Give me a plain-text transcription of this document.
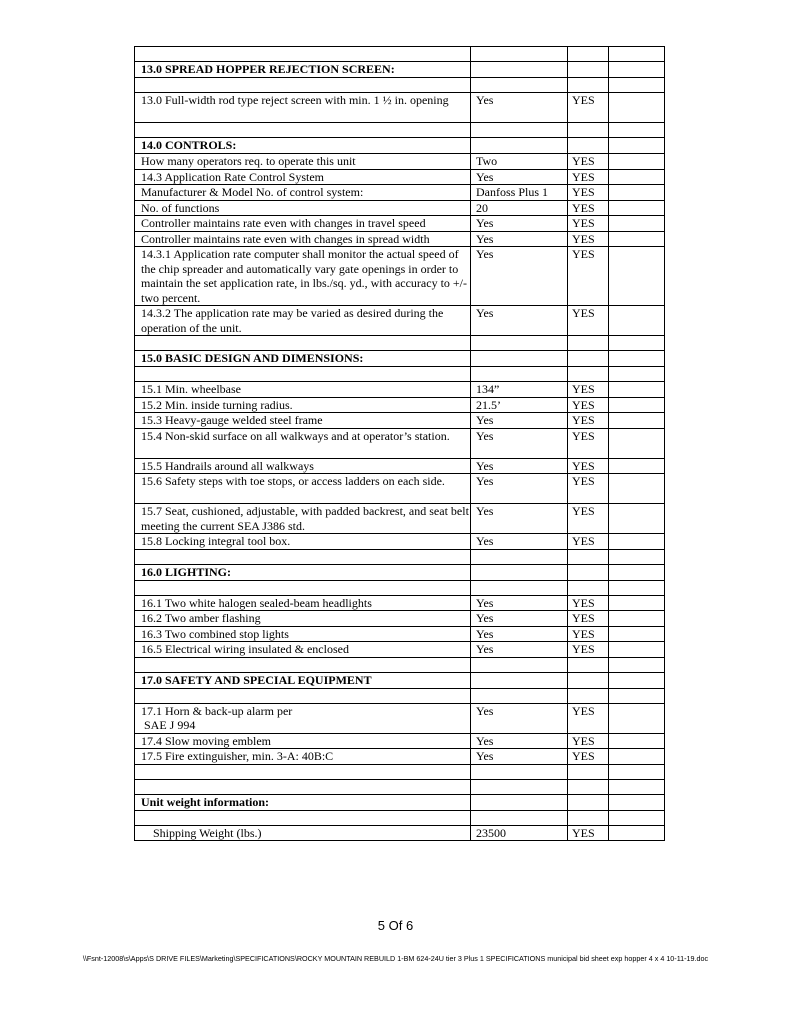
13.0 SPREAD HOPPER REJECTION SCREEN:			

13.0 Full-width rod type reject screen with min. 1 ½ in. opening	Yes	YES	

14.0 CONTROLS:			
How many operators req. to operate this unit	Two	YES	
14.3 Application Rate Control System	Yes	YES	
Manufacturer & Model No. of control system:	Danfoss Plus 1	YES	
No. of functions	20	YES	
Controller maintains rate even with changes in travel speed	Yes	YES	
Controller maintains rate even with changes in spread width	Yes	YES	
14.3.1 Application rate computer shall monitor the actual speed of the chip spreader and automatically vary gate openings in order to maintain the set application rate, in lbs./sq. yd., with accuracy to +/- two percent.	Yes	YES	
14.3.2 The application rate may be varied as desired during the operation of the unit.	Yes	YES	

15.0 BASIC DESIGN AND DIMENSIONS:			

15.1 Min. wheelbase	134”	YES	
15.2 Min. inside turning radius.	21.5’	YES	
15.3 Heavy-gauge welded steel frame	Yes	YES	
15.4 Non-skid surface on all walkways and at operator’s station.	Yes	YES	
15.5 Handrails around all walkways	Yes	YES	
15.6 Safety steps with toe stops, or access ladders on each side.	Yes	YES	
15.7 Seat, cushioned, adjustable, with padded backrest, and seat belt meeting the current SEA J386 std.	Yes	YES	
15.8 Locking integral tool box.	Yes	YES	

16.0 LIGHTING:			

16.1 Two white halogen sealed-beam headlights	Yes	YES	
16.2 Two amber flashing	Yes	YES	
16.3 Two combined stop lights	Yes	YES	
16.5 Electrical wiring insulated & enclosed	Yes	YES	

17.0 SAFETY AND SPECIAL EQUIPMENT			

17.1 Horn & back-up alarm per
SAE J 994	Yes	YES	
17.4 Slow moving emblem	Yes	YES	
17.5 Fire extinguisher, min. 3-A: 40B:C	Yes	YES	

Unit weight information:			

Shipping Weight (lbs.)	23500	YES	
5 Of 6
\\Fsnt-12008\s\Apps\S DRIVE FILES\Marketing\SPECIFICATIONS\ROCKY MOUNTAIN REBUILD 1-BM 624-24U tier 3 Plus 1 SPECIFICATIONS municipal bid sheet exp hopper 4 x 4 10-11-19.doc
